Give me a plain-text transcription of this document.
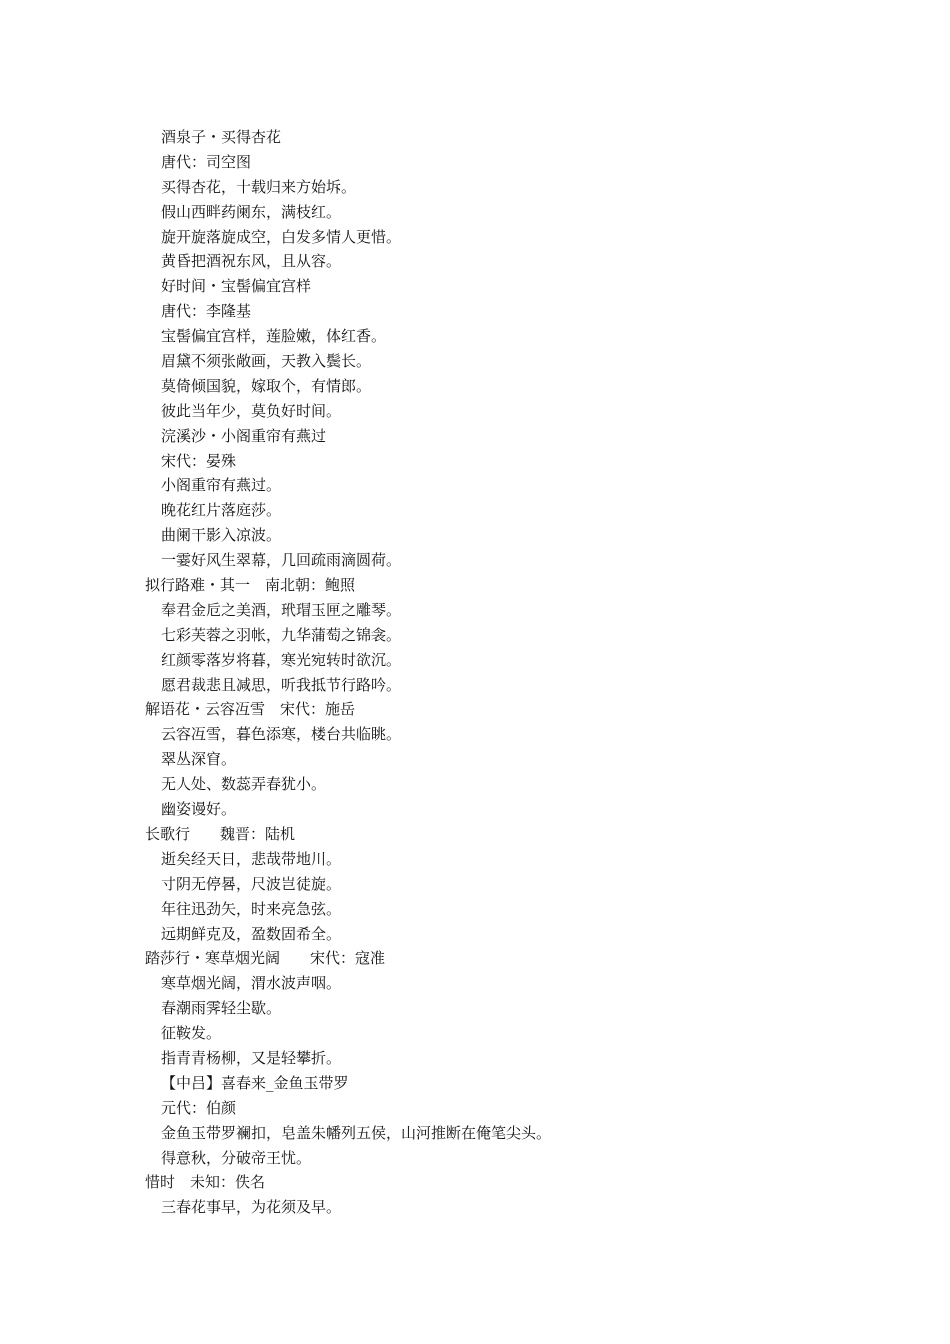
酒泉子・买得杏花
唐代：司空图
买得杏花，十载归来方始坼。
假山西畔药阑东，满枝红。
旋开旋落旋成空，白发多情人更惜。
黄昏把酒祝东风，且从容。
好时间・宝髻偏宜宫样
唐代：李隆基
宝髻偏宜宫样，莲脸嫩，体红香。
眉黛不须张敞画，天教入鬓长。
莫倚倾国貌，嫁取个，有情郎。
彼此当年少，莫负好时间。
浣溪沙・小阁重帘有燕过
宋代：晏殊
小阁重帘有燕过。
晚花红片落庭莎。
曲阑干影入凉波。
一霎好风生翠幕，几回疏雨滴圆荷。
拟行路难・其一　南北朝：鲍照
奉君金卮之美酒，玳瑁玉匣之雕琴。
七彩芙蓉之羽帐，九华蒲萄之锦衾。
红颜零落岁将暮，寒光宛转时欲沉。
愿君裁悲且减思，听我抵节行路吟。
解语花・云容冱雪　宋代：施岳
云容冱雪，暮色添寒，楼台共临眺。
翠丛深窅。
无人处、数蕊弄春犹小。
幽姿谩好。
长歌行　　魏晋：陆机
逝矣经天日，悲哉带地川。
寸阴无停晷，尺波岂徒旋。
年往迅劲矢，时来亮急弦。
远期鲜克及，盈数固希全。
踏莎行・寒草烟光阔　　宋代：寇准
寒草烟光阔，渭水波声咽。
春潮雨霁轻尘歇。
征鞍发。
指青青杨柳，又是轻攀折。
【中吕】喜春来_金鱼玉带罗
元代：伯颜
金鱼玉带罗襕扣，皂盖朱幡列五侯，山河推断在俺笔尖头。
得意秋，分破帝王忧。
惜时　未知：佚名
三春花事早，为花须及早。
